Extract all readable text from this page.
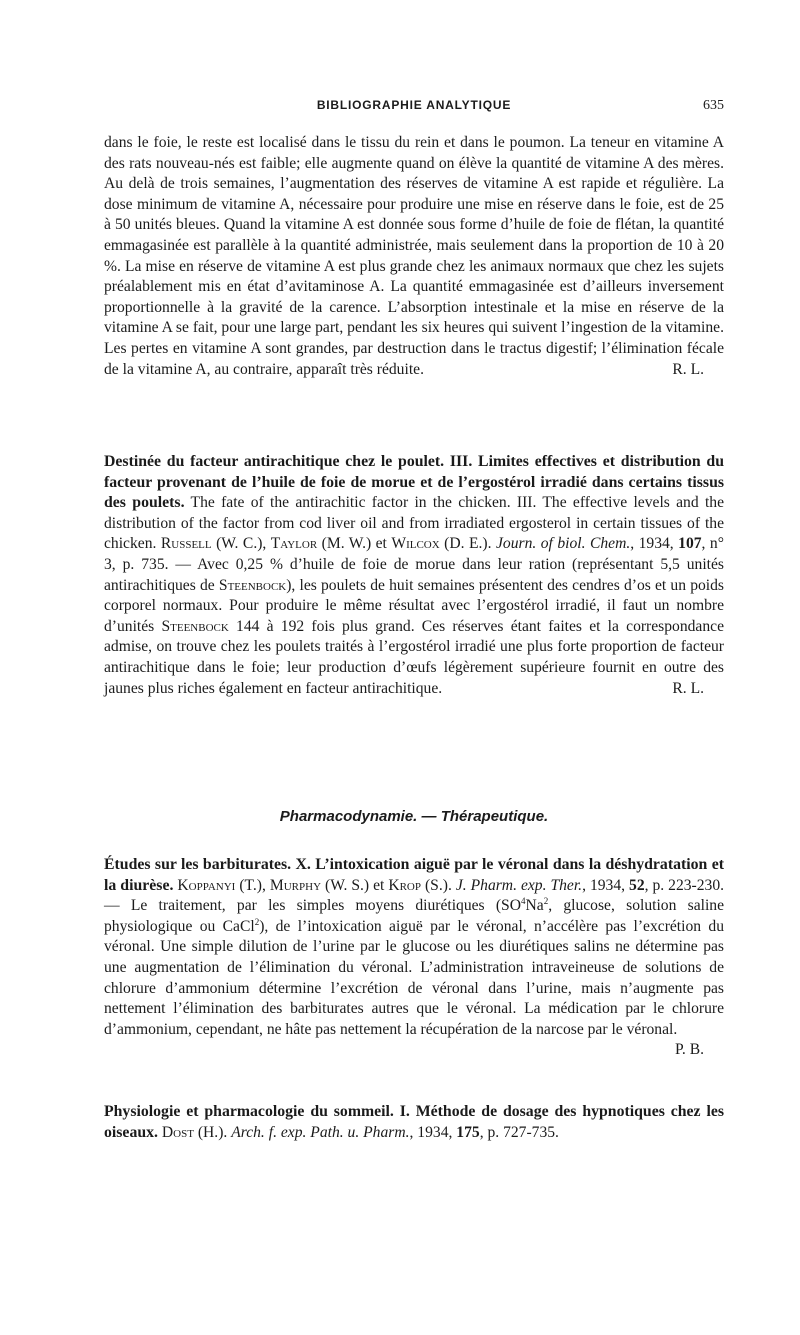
BIBLIOGRAPHIE ANALYTIQUE	635
dans le foie, le reste est localisé dans le tissu du rein et dans le poumon. La teneur en vitamine A des rats nouveau-nés est faible; elle augmente quand on élève la quantité de vitamine A des mères. Au delà de trois semaines, l’augmentation des réserves de vitamine A est rapide et régulière. La dose minimum de vitamine A, nécessaire pour produire une mise en réserve dans le foie, est de 25 à 50 unités bleues. Quand la vitamine A est donnée sous forme d’huile de foie de flétan, la quantité emmagasinée est parallèle à la quantité administrée, mais seulement dans la proportion de 10 à 20 %. La mise en réserve de vitamine A est plus grande chez les animaux normaux que chez les sujets préalablement mis en état d’avitaminose A. La quantité emmagasinée est d’ailleurs inversement proportionnelle à la gravité de la carence. L’absorption intestinale et la mise en réserve de la vitamine A se fait, pour une large part, pendant les six heures qui suivent l’ingestion de la vitamine. Les pertes en vitamine A sont grandes, par destruction dans le tractus digestif; l’élimination fécale de la vitamine A, au contraire, apparaît très réduite.	R. L.
Destinée du facteur antirachitique chez le poulet. III. Limites effectives et distribution du facteur provenant de l’huile de foie de morue et de l’ergostérol irradié dans certains tissus des poulets. The fate of the antirachitic factor in the chicken. III. The effective levels and the distribution of the factor from cod liver oil and from irradiated ergosterol in certain tissues of the chicken. Russell (W. C.), Taylor (M. W.) et Wilcox (D. E.). Journ. of biol. Chem., 1934, 107, n° 3, p. 735. — Avec 0,25 % d’huile de foie de morue dans leur ration (représentant 5,5 unités antirachitiques de Steenbock), les poulets de huit semaines présentent des cendres d’os et un poids corporel normaux. Pour produire le même résultat avec l’ergostérol irradié, il faut un nombre d’unités Steenbock 144 à 192 fois plus grand. Ces réserves étant faites et la correspondance admise, on trouve chez les poulets traités à l’ergostérol irradié une plus forte proportion de facteur antirachitique dans le foie; leur production d’œufs légèrement supérieure fournit en outre des jaunes plus riches également en facteur antirachitique.	R. L.
Pharmacodynamie. — Thérapeutique.
Études sur les barbiturates. X. L’intoxication aiguë par le véronal dans la déshydratation et la diurèse. Koppanyi (T.), Murphy (W. S.) et Krop (S.). J. Pharm. exp. Ther., 1934, 52, p. 223-230. — Le traitement, par les simples moyens diurétiques ($SO^4Na^2$, glucose, solution saline physiologique ou CaCl$^2$), de l’intoxication aiguë par le véronal, n’accélère pas l’excrétion du véronal. Une simple dilution de l’urine par le glucose ou les diurétiques salins ne détermine pas une augmentation de l’élimination du véronal. L’administration intraveineuse de solutions de chlorure d’ammonium détermine l’excrétion de véronal dans l’urine, mais n’augmente pas nettement l’élimination des barbiturates autres que le véronal. La médication par le chlorure d’ammonium, cependant, ne hâte pas nettement la récupération de la narcose par le véronal.
P. B.
Physiologie et pharmacologie du sommeil. I. Méthode de dosage des hypnotiques chez les oiseaux. Dost (H.). Arch. f. exp. Path. u. Pharm., 1934, 175, p. 727-735.
